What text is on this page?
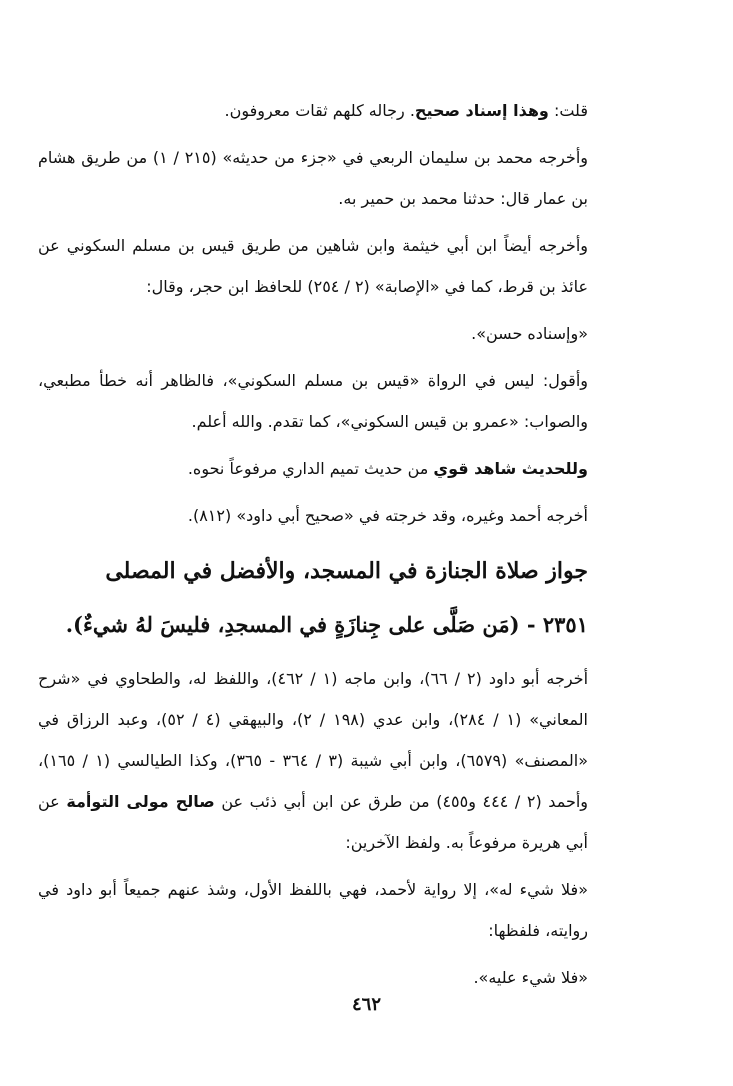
قلت: وهذا إسناد صحيح. رجاله كلهم ثقات معروفون.

وأخرجه محمد بن سليمان الربعي في «جزء من حديثه» (٢١٥ / ١) من طريق هشام بن عمار قال: حدثنا محمد بن حمير به.

وأخرجه أيضاً ابن أبي خيثمة وابن شاهين من طريق قيس بن مسلم السكوني عن عائذ بن قرط، كما في «الإصابة» (٢ / ٢٥٤) للحافظ ابن حجر، وقال:

«وإسناده حسن».

وأقول: ليس في الرواة «قيس بن مسلم السكوني»، فالظاهر أنه خطأ مطبعي، والصواب: «عمرو بن قيس السكوني»، كما تقدم. والله أعلم.

وللحديث شاهد قوي من حديث تميم الداري مرفوعاً نحوه.

أخرجه أحمد وغيره، وقد خرجته في «صحيح أبي داود» (٨١٢).

جواز صلاة الجنازة في المسجد، والأفضل في المصلى

٢٣٥١ - (مَن صَلَّى على جِنازَةٍ في المسجدِ، فليسَ لهُ شيءٌ).

أخرجه أبو داود (٢ / ٦٦)، وابن ماجه (١ / ٤٦٢)، واللفظ له، والطحاوي في «شرح المعاني» (١ / ٢٨٤)، وابن عدي (١٩٨ / ٢)، والبيهقي (٤ / ٥٢)، وعبد الرزاق في «المصنف» (٦٥٧٩)، وابن أبي شيبة (٣ / ٣٦٤ - ٣٦٥)، وكذا الطيالسي (١ / ١٦٥)، وأحمد (٢ / ٤٤٤ و٤٥٥) من طرق عن ابن أبي ذئب عن صالح مولى التوأمة عن أبي هريرة مرفوعاً به. ولفظ الآخرين:

«فلا شيء له»، إلا رواية لأحمد، فهي باللفظ الأول، وشذ عنهم جميعاً أبو داود في روايته، فلفظها:

«فلا شيء عليه».

٤٦٢
